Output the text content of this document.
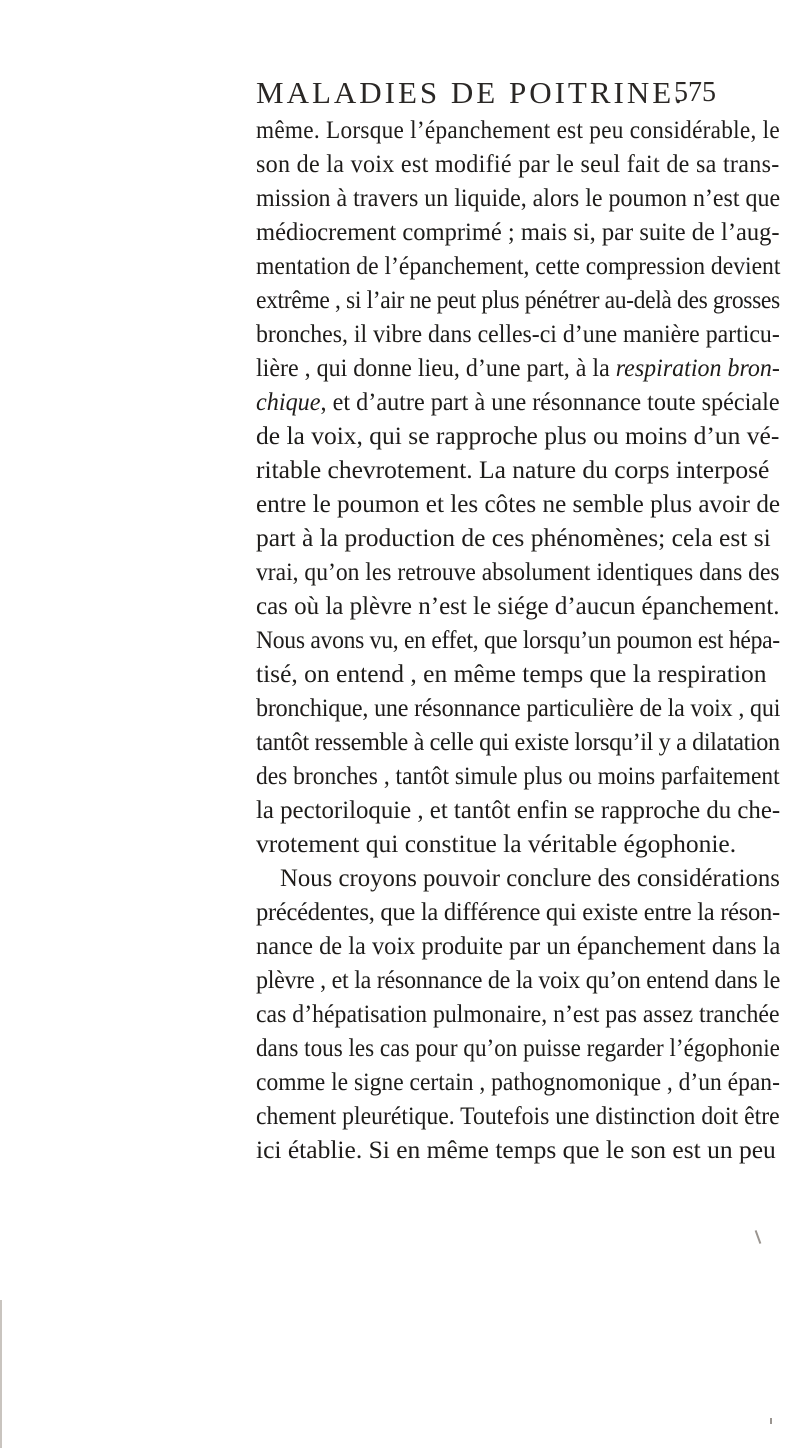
MALADIES DE POITRINE.
575
même. Lorsque l’épanchement est peu considérable, le
son de la voix est modifié par le seul fait de sa trans-
mission à travers un liquide, alors le poumon n’est que
médiocrement comprimé ; mais si, par suite de l’aug-
mentation de l’épanchement, cette compression devient
extrême , si l’air ne peut plus pénétrer au-delà des grosses
bronches, il vibre dans celles-ci d’une manière particu-
lière , qui donne lieu, d’une part, à la respiration bron-
chique, et d’autre part à une résonnance toute spéciale
de la voix, qui se rapproche plus ou moins d’un vé-
ritable chevrotement. La nature du corps interposé
entre le poumon et les côtes ne semble plus avoir de
part à la production de ces phénomènes; cela est si
vrai, qu’on les retrouve absolument identiques dans des
cas où la plèvre n’est le siége d’aucun épanchement.
Nous avons vu, en effet, que lorsqu’un poumon est hépa-
tisé, on entend , en même temps que la respiration
bronchique, une résonnance particulière de la voix , qui
tantôt ressemble à celle qui existe lorsqu’il y a dilatation
des bronches , tantôt simule plus ou moins parfaitement
la pectoriloquie , et tantôt enfin se rapproche du che-
vrotement qui constitue la véritable égophonie.
Nous croyons pouvoir conclure des considérations
précédentes, que la différence qui existe entre la réson-
nance de la voix produite par un épanchement dans la
plèvre , et la résonnance de la voix qu’on entend dans le
cas d’hépatisation pulmonaire, n’est pas assez tranchée
dans tous les cas pour qu’on puisse regarder l’égophonie
comme le signe certain , pathognomonique , d’un épan-
chement pleurétique. Toutefois une distinction doit être
ici établie. Si en même temps que le son est un peu
